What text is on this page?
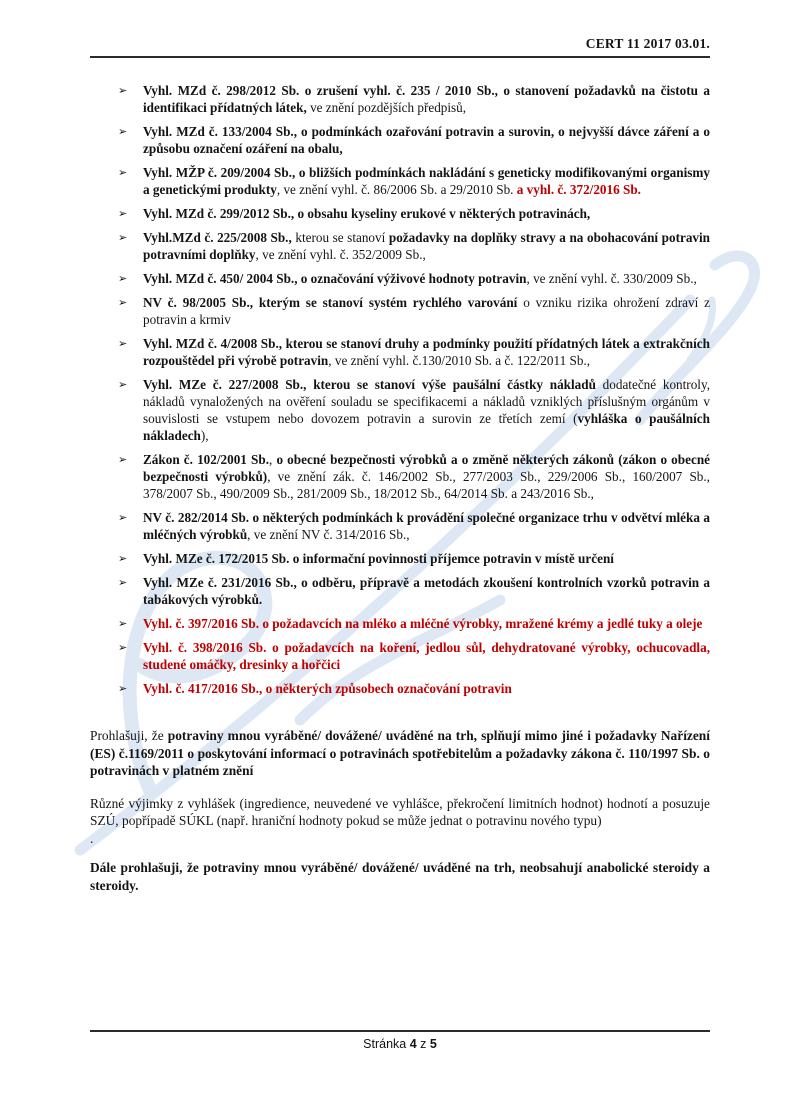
CERT 11 2017 03.01.
➢	Vyhl. MZd č. 298/2012 Sb. o zrušení vyhl. č. 235 / 2010 Sb., o stanovení požadavků na čistotu a identifikaci přídatných látek, ve znění pozdějších předpisů,
➢	Vyhl. MZd č. 133/2004 Sb., o podmínkách ozařování potravin a surovin, o nejvyšší dávce záření a o způsobu označení ozáření na obalu,
➢	Vyhl. MŽP č. 209/2004 Sb., o bližších podmínkách nakládání s geneticky modifikovanými organismy a genetickými produkty, ve znění vyhl. č. 86/2006 Sb. a 29/2010 Sb. a vyhl. č. 372/2016 Sb.
➢	Vyhl. MZd č. 299/2012 Sb., o obsahu kyseliny erukové v některých potravinách,
➢	Vyhl.MZd č. 225/2008 Sb., kterou se stanoví požadavky na doplňky stravy a na obohacování potravin potravními doplňky, ve znění vyhl. č. 352/2009 Sb.,
➢	Vyhl. MZd č. 450/ 2004 Sb., o označování výživové hodnoty potravin, ve znění vyhl. č. 330/2009 Sb.,
➢	NV č. 98/2005 Sb., kterým se stanoví systém rychlého varování o vzniku rizika ohrožení zdraví z potravin a krmiv
➢	Vyhl. MZd č. 4/2008 Sb., kterou se stanoví druhy a podmínky použití přídatných látek a extrakčních rozpouštědel při výrobě potravin, ve znění vyhl. č.130/2010 Sb. a č. 122/2011 Sb.,
➢	Vyhl. MZe č. 227/2008 Sb., kterou se stanoví výše paušální částky nákladů dodatečné kontroly, nákladů vynaložených na ověření souladu se specifikacemi a nákladů vzniklých příslušným orgánům v souvislosti se vstupem nebo dovozem potravin a surovin ze třetích zemí (vyhláška o paušálních nákladech),
➢	Zákon č. 102/2001 Sb., o obecné bezpečnosti výrobků a o změně některých zákonů (zákon o obecné bezpečnosti výrobků), ve znění zák. č. 146/2002 Sb., 277/2003 Sb., 229/2006 Sb., 160/2007 Sb., 378/2007 Sb., 490/2009 Sb., 281/2009 Sb., 18/2012 Sb., 64/2014 Sb. a 243/2016 Sb.,
➢	NV č. 282/2014 Sb. o některých podmínkách k provádění společné organizace trhu v odvětví mléka a mléčných výrobků, ve znění NV č. 314/2016 Sb.,
➢	Vyhl. MZe č. 172/2015 Sb. o informační povinnosti příjemce potravin v místě určení
➢	Vyhl. MZe č. 231/2016 Sb., o odběru, přípravě a metodách zkoušení kontrolních vzorků potravin a tabákových výrobků.
➢	Vyhl. č. 397/2016 Sb. o požadavcích na mléko a mléčné výrobky, mražené krémy a jedlé tuky a oleje
➢	Vyhl. č. 398/2016 Sb. o požadavcích na koření, jedlou sůl, dehydratované výrobky, ochucovadla, studené omáčky, dresinky a hořčici
➢	Vyhl. č. 417/2016 Sb., o některých způsobech označování potravin

Prohlašuji, že potraviny mnou vyráběné/ dovážené/ uváděné na trh, splňují mimo jiné i požadavky Nařízení (ES) č.1169/2011 o poskytování informací o potravinách spotřebitelům a požadavky zákona č. 110/1997 Sb. o potravinách v platném znění

Různé výjimky z vyhlášek (ingredience, neuvedené ve vyhlášce, překročení limitních hodnot) hodnotí a posuzuje SZÚ, popřípadě SÚKL (např. hraniční hodnoty pokud se může jednat o potravinu nového typu)

.

Dále prohlašuji, že potraviny mnou vyráběné/ dovážené/ uváděné na trh, neobsahují anabolické steroidy a steroidy.

Stránka 4 z 5
